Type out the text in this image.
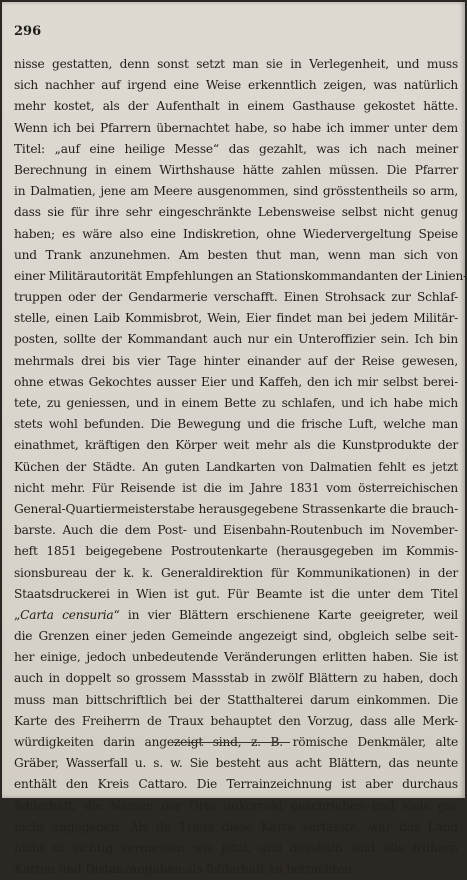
296
nisse gestatten, denn sonst setzt man sie in Verlegenheit, und muss
sich nachher auf irgend eine Weise erkenntlich zeigen, was natürlich
mehr kostet, als der Aufenthalt in einem Gasthause gekostet hätte.
Wenn ich bei Pfarrern übernachtet habe, so habe ich immer unter dem
Titel: „auf eine heilige Messe“ das gezahlt, was ich nach meiner
Berechnung in einem Wirthshause hätte zahlen müssen. Die Pfarrer
in Dalmatien, jene am Meere ausgenommen, sind grösstentheils so arm,
dass sie für ihre sehr eingeschränkte Lebensweise selbst nicht genug
haben; es wäre also eine Indiskretion, ohne Wiedervergeltung Speise
und Trank anzunehmen. Am besten thut man, wenn man sich von
einer Militärautorität Empfehlungen an Stationskommandanten der Linien-
truppen oder der Gendarmerie verschafft. Einen Strohsack zur Schlaf-
stelle, einen Laib Kommisbrot, Wein, Eier findet man bei jedem Militär-
posten, sollte der Kommandant auch nur ein Unteroffizier sein. Ich bin
mehrmals drei bis vier Tage hinter einander auf der Reise gewesen,
ohne etwas Gekochtes ausser Eier und Kaffeh, den ich mir selbst berei-
tete, zu geniessen, und in einem Bette zu schlafen, und ich habe mich
stets wohl befunden. Die Bewegung und die frische Luft, welche man
einathmet, kräftigen den Körper weit mehr als die Kunstprodukte der
Küchen der Städte. An guten Landkarten von Dalmatien fehlt es jetzt
nicht mehr. Für Reisende ist die im Jahre 1831 vom österreichischen
General-Quartiermeisterstabe herausgegebene Strassenkarte die brauch-
barste. Auch die dem Post- und Eisenbahn-Routenbuch im November-
heft 1851 beigegebene Postroutenkarte (herausgegeben im Kommis-
sionsbureau der k. k. Generaldirektion für Kommunikationen) in der
Staatsdruckerei in Wien ist gut. Für Beamte ist die unter dem Titel
„Carta censuria“ in vier Blättern erschienene Karte geeigreter, weil
die Grenzen einer jeden Gemeinde angezeigt sind, obgleich selbe seit-
her einige, jedoch unbedeutende Veränderungen erlitten haben. Sie ist
auch in doppelt so grossem Massstab in zwölf Blättern zu haben, doch
muss man bittschriftlich bei der Statthalterei darum einkommen. Die
Karte des Freiherrn de Traux behauptet den Vorzug, dass alle Merk-
würdigkeiten darin angezeigt sind, z. B. römische Denkmäler, alte
Gräber, Wasserfall u. s. w. Sie besteht aus acht Blättern, das neunte
enthält den Kreis Cattaro. Die Terrainzeichnung ist aber durchaus
fehlerhaft, die Namen der Orte unkorrekt geschrieben und viele gar
nicht angegeben. Als de Traux diese Karte verfasste, war das Land
nicht so richtig vermessen wie jetzt, und desshalb sind alle frühern
Karten und Distanzangaben als fehlerhaft zu betrachten.
